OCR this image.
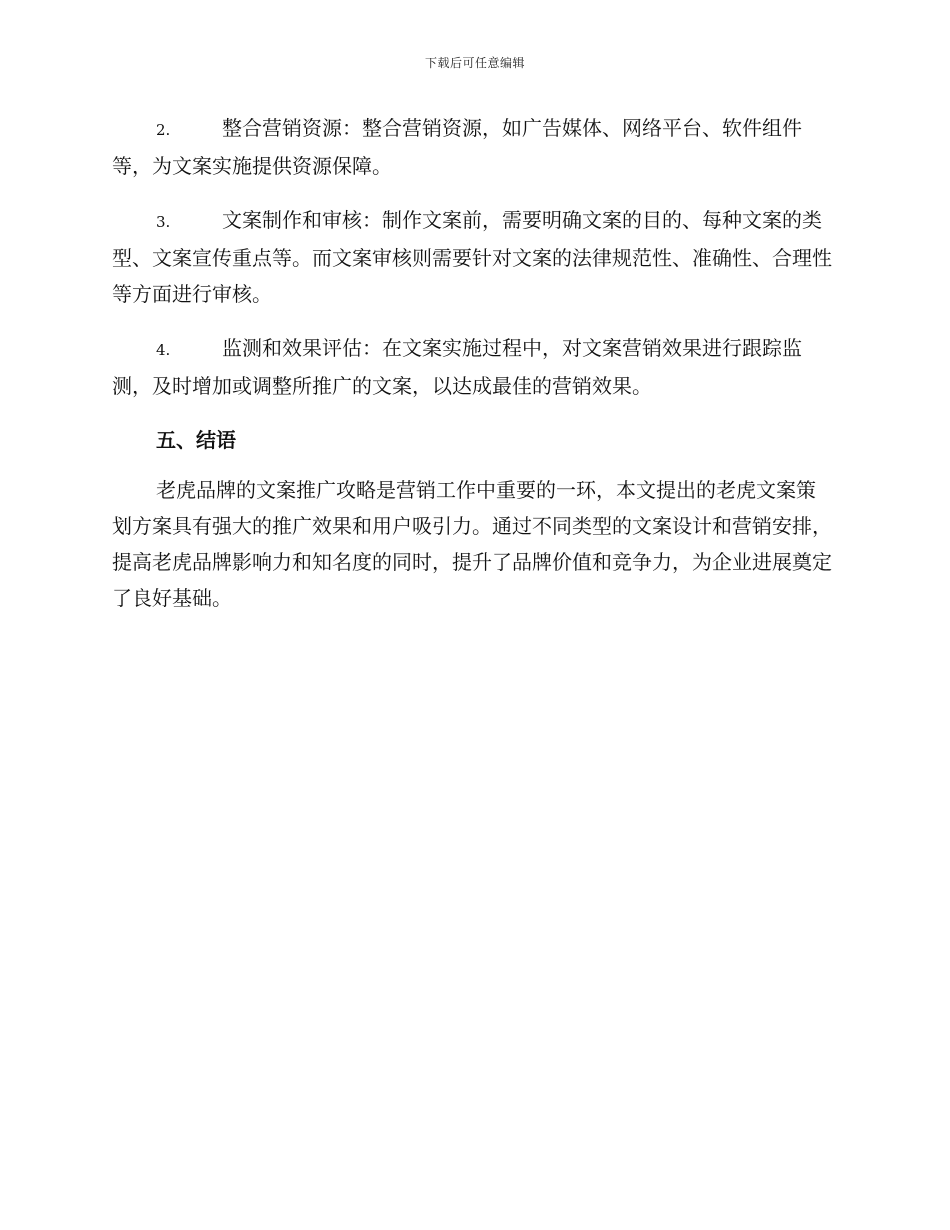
下载后可任意编辑

2.	整合营销资源：整合营销资源，如广告媒体、网络平台、软件组件等，为文案实施提供资源保障。

3.	文案制作和审核：制作文案前，需要明确文案的目的、每种文案的类型、文案宣传重点等。而文案审核则需要针对文案的法律规范性、准确性、合理性等方面进行审核。

4.	监测和效果评估：在文案实施过程中，对文案营销效果进行跟踪监测，及时增加或调整所推广的文案，以达成最佳的营销效果。

五、结语

老虎品牌的文案推广攻略是营销工作中重要的一环，本文提出的老虎文案策划方案具有强大的推广效果和用户吸引力。通过不同类型的文案设计和营销安排，提高老虎品牌影响力和知名度的同时，提升了品牌价值和竞争力，为企业进展奠定了良好基础。
